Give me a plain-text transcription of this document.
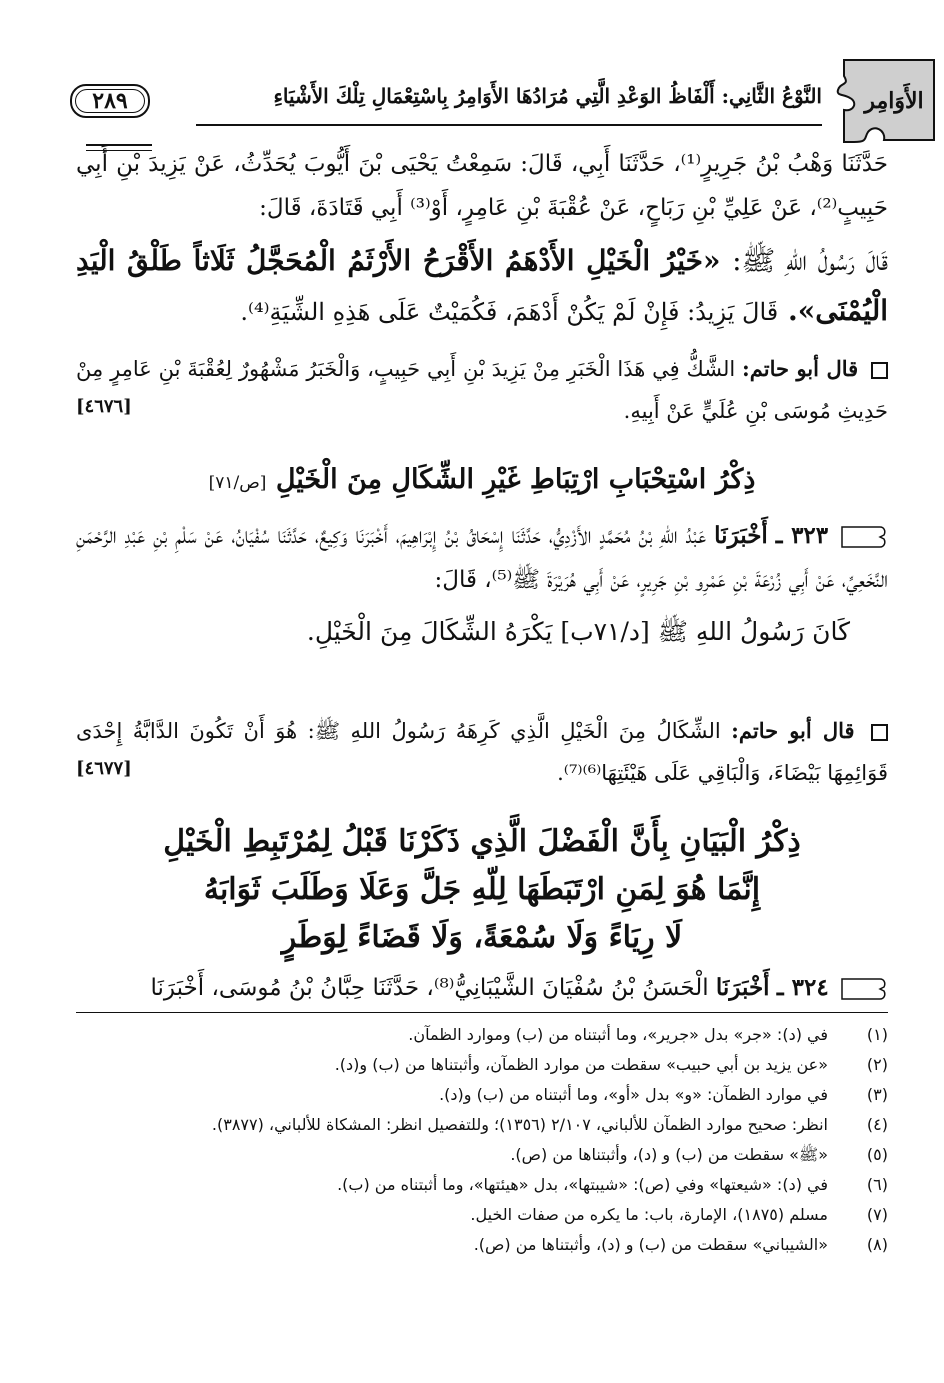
الأَوَامِر
النَّوْعُ الثَّانِي: أَلْفَاظُ الوَعْدِ الَّتِي مُرَادُهَا الأَوَامِرُ بِاسْتِعْمَالِ تِلْكَ الأَشْيَاءِ
٢٨٩

حَدَّثَنَا وَهْبُ بْنُ جَرِيرٍ⁽¹⁾، حَدَّثَنَا أَبِي، قَالَ: سَمِعْتُ يَحْيَى بْنَ أَيُّوبَ يُحَدِّثُ، عَنْ يَزِيدَ بْنِ أَبِي حَبِيبٍ⁽²⁾، عَنْ عَلِيِّ بْنِ رَبَاحٍ، عَنْ عُقْبَةَ بْنِ عَامِرٍ، أَوْ⁽³⁾ أَبِي قَتَادَةَ، قَالَ:

قَالَ رَسُولُ اللهِ ﷺ: «خَيْرُ الْخَيْلِ الأَدْهَمُ الأَقْرَحُ الأَرْثَمُ الْمُحَجَّلُ ثَلَاثاً طَلْقُ الْيَدِ الْيُمْنَى». قَالَ يَزِيدُ: فَإِنْ لَمْ يَكُنْ أَدْهَمَ، فَكُمَيْتٌ عَلَى هَذِهِ الشِّيَةِ⁽⁴⁾.

قال أبو حاتم: الشَّكُّ فِي هَذَا الْخَبَرِ مِنْ يَزِيدَ بْنِ أَبِي حَبِيبٍ، وَالْخَبَرُ مَشْهُورٌ لِعُقْبَةَ بْنِ عَامِرٍ مِنْ حَدِيثِ مُوسَى بْنِ عُلَيٍّ عَنْ أَبِيهِ.
[٤٦٧٦]

ذِكْرُ اسْتِحْبَابِ ارْتِبَاطِ غَيْرِ الشِّكَالِ مِنَ الْخَيْلِ [ص/٧١]

٣٢٣ ـ أَخْبَرَنَا عَبْدُ اللهِ بْنُ مُحَمَّدٍ الأَزْدِيُّ، حَدَّثَنَا إِسْحَاقُ بْنُ إِبْرَاهِيمَ، أَخْبَرَنَا وَكِيعٌ، حَدَّثَنَا سُفْيَانُ، عَنْ سَلْمِ بْنِ عَبْدِ الرَّحْمَنِ النَّخَعِيِّ، عَنْ أَبِي زُرْعَةَ بْنِ عَمْرِو بْنِ جَرِيرٍ، عَنْ أَبِي هُرَيْرَةَ ﷺ⁽⁵⁾، قَالَ:

كَانَ رَسُولُ اللهِ ﷺ [د/٧١ب] يَكْرَهُ الشِّكَالَ مِنَ الْخَيْلِ.

قال أبو حاتم: الشِّكَالُ مِنَ الْخَيْلِ الَّذِي كَرِهَهُ رَسُولُ اللهِ ﷺ: هُوَ أَنْ تَكُونَ الدَّابَّةُ إِحْدَى قَوَائِمِهَا بَيْضَاءَ، وَالْبَاقِي عَلَى هَيْئَتِهَا⁽⁶⁾⁽⁷⁾.
[٤٦٧٧]

ذِكْرُ الْبَيَانِ بِأَنَّ الْفَضْلَ الَّذِي ذَكَرْنَا قَبْلُ لِمُرْتَبِطِ الْخَيْلِ
إِنَّمَا هُوَ لِمَنِ ارْتَبَطَهَا لِلّهِ جَلَّ وَعَلَا وَطَلَبَ ثَوَابَهُ
لَا رِيَاءً وَلَا سُمْعَةً، وَلَا قَضَاءً لِوَطَرٍ

٣٢٤ ـ أَخْبَرَنَا الْحَسَنُ بْنُ سُفْيَانَ الشَّيْبَانِيُّ⁽⁸⁾، حَدَّثَنَا حِبَّانُ بْنُ مُوسَى، أَخْبَرَنَا

(١)
في (د): «جر» بدل «جرير»، وما أثبتناه من (ب) وموارد الظمآن.

(٢)
«عن يزيد بن أبي حبيب» سقطت من موارد الظمآن، وأثبتناها من (ب) و(د).

(٣)
في موارد الظمآن: «و» بدل «أو»، وما أثبتناه من (ب) و(د).

(٤)
انظر: صحيح موارد الظمآن للألباني، ٢/١٠٧ (١٣٥٦)؛ وللتفصيل انظر: المشكاة للألباني، (٣٨٧٧).

(٥)
«ﷺ» سقطت من (ب) و (د)، وأثبتناها من (ص).

(٦)
في (د): «شيعتها» وفي (ص): «شيبتها»، بدل «هيئتها»، وما أثبتناه من (ب).

(٧)
مسلم (١٨٧٥)، الإمارة، باب: ما يكره من صفات الخيل.

(٨)
«الشيباني» سقطت من (ب) و (د)، وأثبتناها من (ص).
